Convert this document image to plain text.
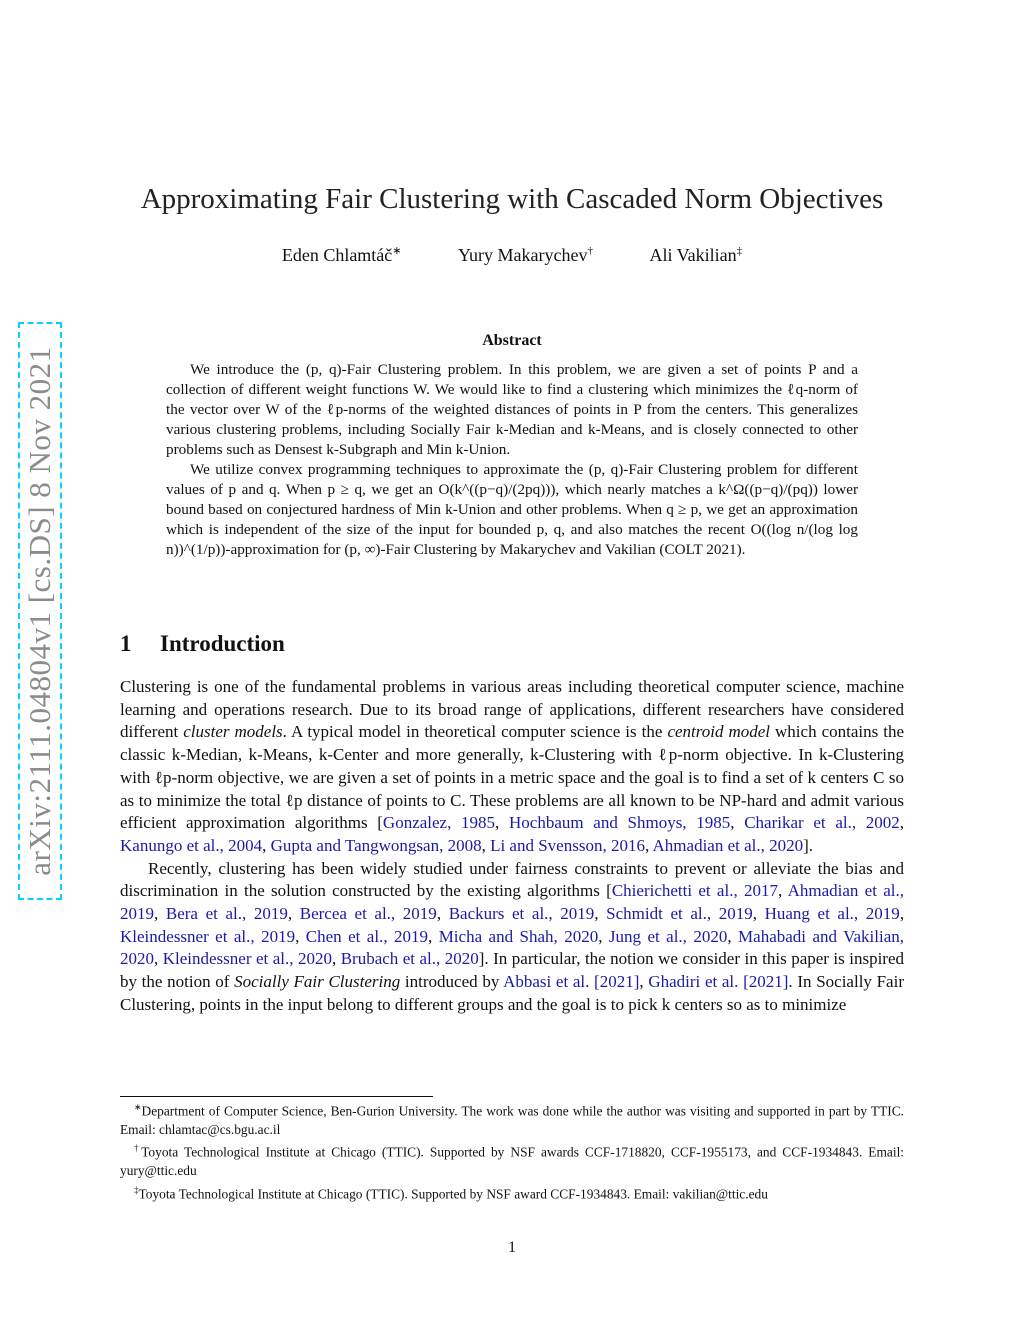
arXiv:2111.04804v1 [cs.DS] 8 Nov 2021
Approximating Fair Clustering with Cascaded Norm Objectives
Eden Chlamtáč∗	Yury Makarychev†	Ali Vakilian‡
Abstract

We introduce the (p, q)-Fair Clustering problem. In this problem, we are given a set of points P and a collection of different weight functions W. We would like to find a clustering which minimizes the ℓq-norm of the vector over W of the ℓp-norms of the weighted distances of points in P from the centers. This generalizes various clustering problems, including Socially Fair k-Median and k-Means, and is closely connected to other problems such as Densest k-Subgraph and Min k-Union.

We utilize convex programming techniques to approximate the (p, q)-Fair Clustering problem for different values of p and q. When p ≥ q, we get an O(k^((p−q)/(2pq))), which nearly matches a k^Ω((p−q)/(pq)) lower bound based on conjectured hardness of Min k-Union and other problems. When q ≥ p, we get an approximation which is independent of the size of the input for bounded p, q, and also matches the recent O((log n/(log log n))^(1/p))-approximation for (p, ∞)-Fair Clustering by Makarychev and Vakilian (COLT 2021).

1 Introduction

Clustering is one of the fundamental problems in various areas including theoretical computer science, machine learning and operations research. Due to its broad range of applications, different researchers have considered different cluster models. A typical model in theoretical computer science is the centroid model which contains the classic k-Median, k-Means, k-Center and more generally, k-Clustering with ℓp-norm objective. In k-Clustering with ℓp-norm objective, we are given a set of points in a metric space and the goal is to find a set of k centers C so as to minimize the total ℓp distance of points to C. These problems are all known to be NP-hard and admit various efficient approximation algorithms [Gonzalez, 1985, Hochbaum and Shmoys, 1985, Charikar et al., 2002, Kanungo et al., 2004, Gupta and Tangwongsan, 2008, Li and Svensson, 2016, Ahmadian et al., 2020].

Recently, clustering has been widely studied under fairness constraints to prevent or alleviate the bias and discrimination in the solution constructed by the existing algorithms [Chierichetti et al., 2017, Ahmadian et al., 2019, Bera et al., 2019, Bercea et al., 2019, Backurs et al., 2019, Schmidt et al., 2019, Huang et al., 2019, Kleindessner et al., 2019, Chen et al., 2019, Micha and Shah, 2020, Jung et al., 2020, Mahabadi and Vakilian, 2020, Kleindessner et al., 2020, Brubach et al., 2020]. In particular, the notion we consider in this paper is inspired by the notion of Socially Fair Clustering introduced by Abbasi et al. [2021], Ghadiri et al. [2021]. In Socially Fair Clustering, points in the input belong to different groups and the goal is to pick k centers so as to minimize

∗Department of Computer Science, Ben-Gurion University. The work was done while the author was visiting and supported in part by TTIC. Email: chlamtac@cs.bgu.ac.il

†Toyota Technological Institute at Chicago (TTIC). Supported by NSF awards CCF-1718820, CCF-1955173, and CCF-1934843. Email: yury@ttic.edu

‡Toyota Technological Institute at Chicago (TTIC). Supported by NSF award CCF-1934843. Email: vakilian@ttic.edu

1
